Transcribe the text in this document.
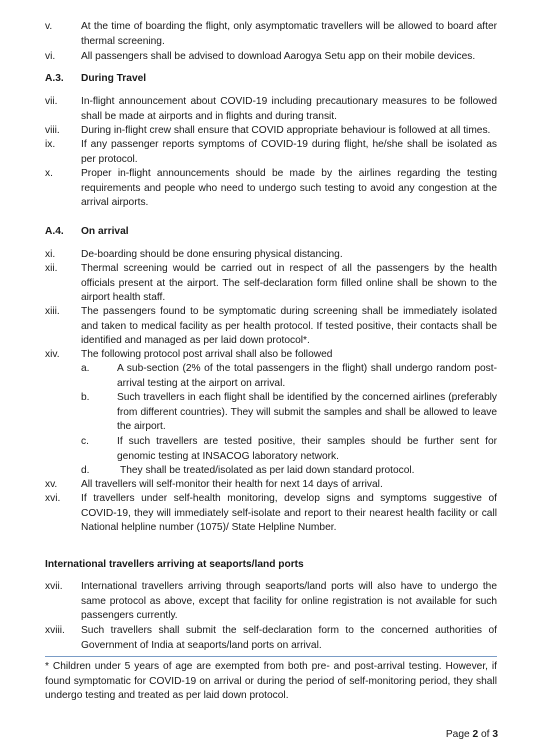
v.	At the time of boarding the flight, only asymptomatic travellers will be allowed to board after thermal screening.
vi.	All passengers shall be advised to download Aarogya Setu app on their mobile devices.
A.3. During Travel
vii. In-flight announcement about COVID-19 including precautionary measures to be followed shall be made at airports and in flights and during transit.
viii. During in-flight crew shall ensure that COVID appropriate behaviour is followed at all times.
ix.	If any passenger reports symptoms of COVID-19 during flight, he/she shall be isolated as per protocol.
x.	Proper in-flight announcements should be made by the airlines regarding the testing requirements and people who need to undergo such testing to avoid any congestion at the arrival airports.
A.4. On arrival
xi.	De-boarding should be done ensuring physical distancing.
xii. Thermal screening would be carried out in respect of all the passengers by the health officials present at the airport. The self-declaration form filled online shall be shown to the airport health staff.
xiii. The passengers found to be symptomatic during screening shall be immediately isolated and taken to medical facility as per health protocol. If tested positive, their contacts shall be identified and managed as per laid down protocol*.
xiv. The following protocol post arrival shall also be followed
a.	A sub-section (2% of the total passengers in the flight) shall undergo random post-arrival testing at the airport on arrival.
b.	Such travellers in each flight shall be identified by the concerned airlines (preferably from different countries). They will submit the samples and shall be allowed to leave the airport.
c.	If such travellers are tested positive, their samples should be further sent for genomic testing at INSACOG laboratory network.
d.	They shall be treated/isolated as per laid down standard protocol.
xv. All travellers will self-monitor their health for next 14 days of arrival.
xvi. If travellers under self-health monitoring, develop signs and symptoms suggestive of COVID-19, they will immediately self-isolate and report to their nearest health facility or call National helpline number (1075)/ State Helpline Number.
International travellers arriving at seaports/land ports
xvii. International travellers arriving through seaports/land ports will also have to undergo the same protocol as above, except that facility for online registration is not available for such passengers currently.
xviii. Such travellers shall submit the self-declaration form to the concerned authorities of Government of India at seaports/land ports on arrival.
* Children under 5 years of age are exempted from both pre- and post-arrival testing. However, if found symptomatic for COVID-19 on arrival or during the period of self-monitoring period, they shall undergo testing and treated as per laid down protocol.
Page 2 of 3
